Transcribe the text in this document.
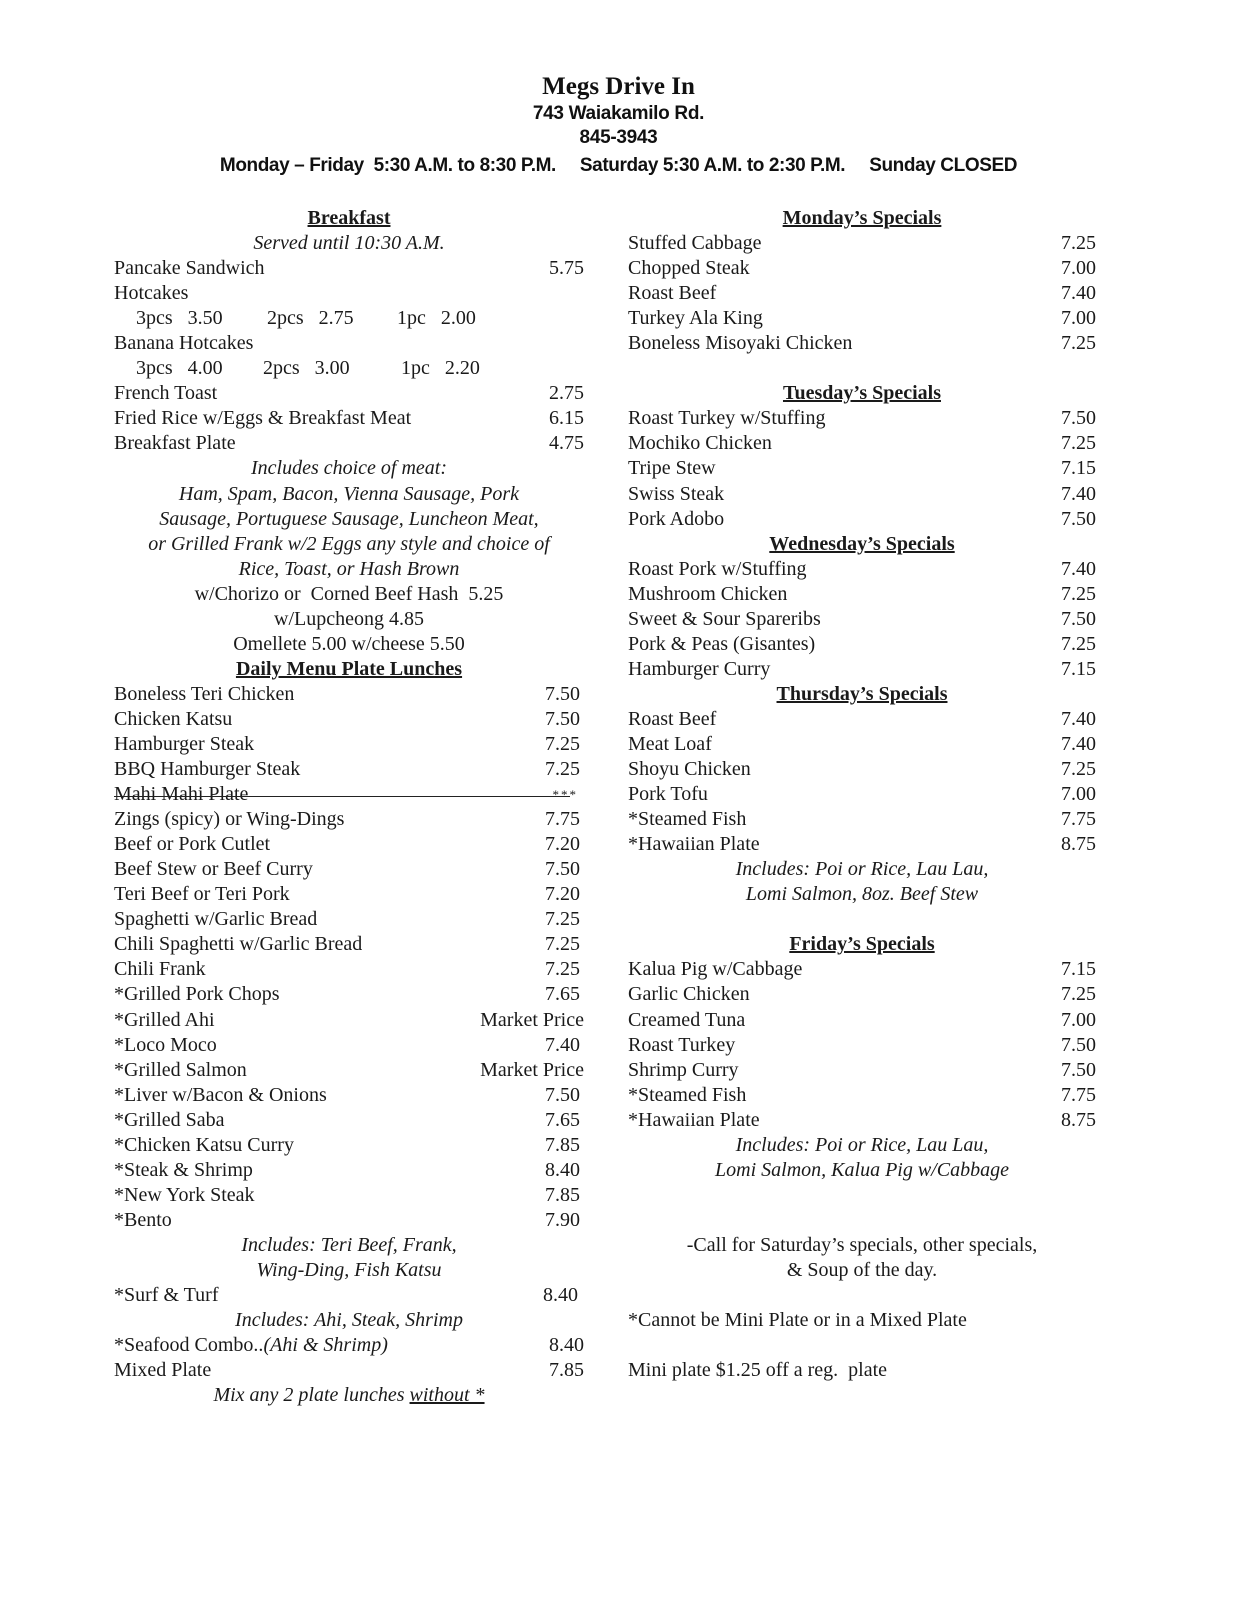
Megs Drive In
743 Waiakamilo Rd.
845-3943
Monday – Friday  5:30 A.M. to 8:30 P.M. Saturday 5:30 A.M. to 2:30 P.M. Sunday CLOSED
Breakfast
Served until 10:30 A.M.
Pancake Sandwich	5.75
Hotcakes
3pcs   3.50 2pcs   2.75 1pc   2.00
Banana Hotcakes
3pcs   4.00 2pcs   3.00	1pc   2.20
French Toast	2.75
Fried Rice w/Eggs & Breakfast Meat	6.15
Breakfast Plate	4.75
Includes choice of meat:
Ham, Spam, Bacon, Vienna Sausage, Pork
Sausage, Portuguese Sausage, Luncheon Meat,
or Grilled Frank w/2 Eggs any style and choice of
Rice, Toast, or Hash Brown
w/Chorizo or  Corned Beef Hash  5.25
w/Lupcheong 4.85
Omellete 5.00 w/cheese 5.50
Daily Menu Plate Lunches
Boneless Teri Chicken	7.50
Chicken Katsu	7.50
Hamburger Steak	7.25
BBQ Hamburger Steak	7.25
Mahi Mahi Plate	***
Zings (spicy) or Wing-Dings	7.75
Beef or Pork Cutlet	7.20
Beef Stew or Beef Curry	7.50
Teri Beef or Teri Pork	7.20
Spaghetti w/Garlic Bread	7.25
Chili Spaghetti w/Garlic Bread	7.25
Chili Frank	7.25
*Grilled Pork Chops	7.65
*Grilled Ahi	Market Price
*Loco Moco	7.40
*Grilled Salmon	Market Price
*Liver w/Bacon & Onions	7.50
*Grilled Saba	7.65
*Chicken Katsu Curry	7.85
*Steak & Shrimp	8.40
*New York Steak	7.85
*Bento	7.90
Includes: Teri Beef, Frank,
Wing-Ding, Fish Katsu
*Surf & Turf	8.40
Includes: Ahi, Steak, Shrimp
*Seafood Combo..(Ahi & Shrimp)	8.40
Mixed Plate	7.85
Mix any 2 plate lunches without *
Monday’s Specials
Stuffed Cabbage	7.25
Chopped Steak	7.00
Roast Beef	7.40
Turkey Ala King	7.00
Boneless Misoyaki Chicken	7.25
Tuesday’s Specials
Roast Turkey w/Stuffing	7.50
Mochiko Chicken	7.25
Tripe Stew	7.15
Swiss Steak	7.40
Pork Adobo	7.50
Wednesday’s Specials
Roast Pork w/Stuffing	7.40
Mushroom Chicken	7.25
Sweet & Sour Spareribs	7.50
Pork & Peas (Gisantes)	7.25
Hamburger Curry	7.15
Thursday’s Specials
Roast Beef	7.40
Meat Loaf	7.40
Shoyu Chicken	7.25
Pork Tofu	7.00
*Steamed Fish	7.75
*Hawaiian Plate	8.75
Includes: Poi or Rice, Lau Lau,
Lomi Salmon, 8oz. Beef Stew
Friday’s Specials
Kalua Pig w/Cabbage	7.15
Garlic Chicken	7.25
Creamed Tuna	7.00
Roast Turkey	7.50
Shrimp Curry	7.50
*Steamed Fish	7.75
*Hawaiian Plate	8.75
Includes: Poi or Rice, Lau Lau,
Lomi Salmon, Kalua Pig w/Cabbage
-Call for Saturday’s specials, other specials,
& Soup of the day.
*Cannot be Mini Plate or in a Mixed Plate
Mini plate $1.25 off a reg.  plate
